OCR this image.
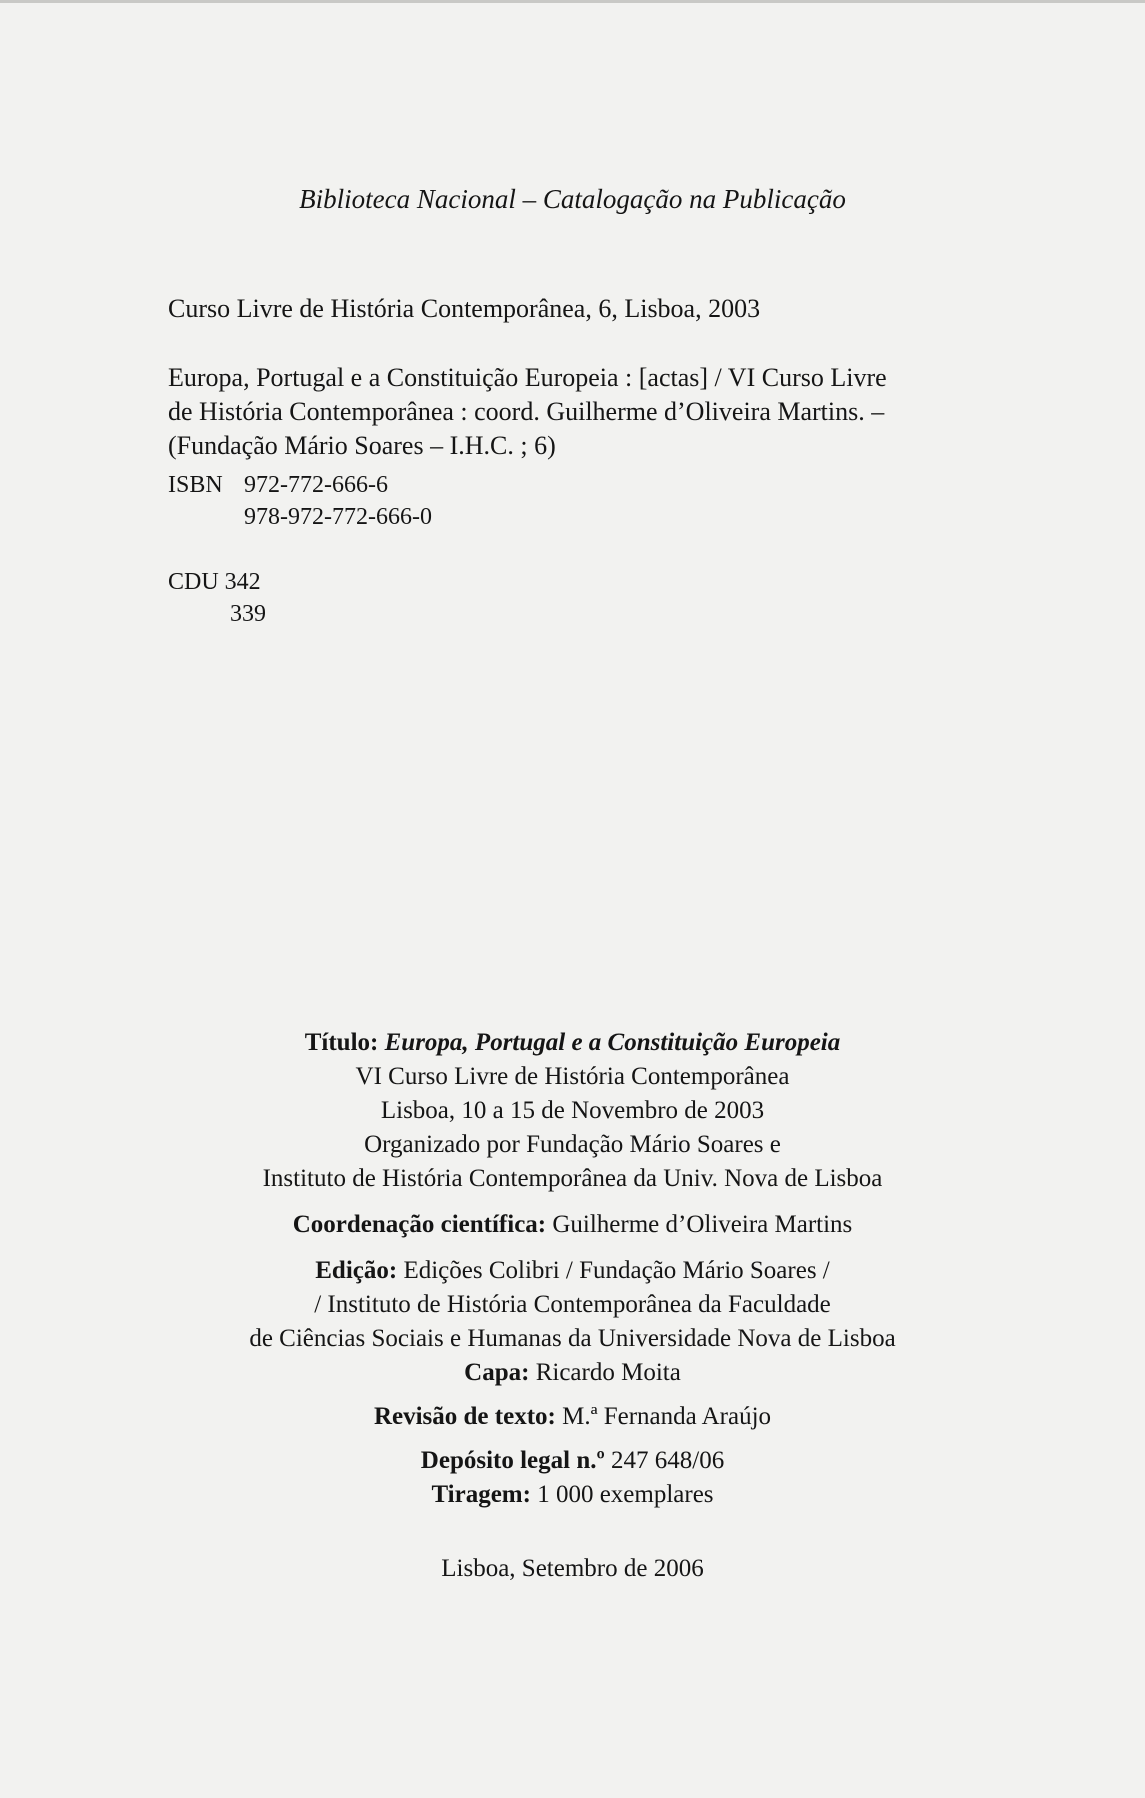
Biblioteca Nacional – Catalogação na Publicação
Curso Livre de História Contemporânea, 6, Lisboa, 2003
Europa, Portugal e a Constituição Europeia : [actas] / VI Curso Livre
de História Contemporânea : coord. Guilherme d’Oliveira Martins. –
(Fundação Mário Soares – I.H.C. ; 6)
ISBN 972-772-666-6
978-972-772-666-0
CDU 342
339
Título: Europa, Portugal e a Constituição Europeia
VI Curso Livre de História Contemporânea
Lisboa, 10 a 15 de Novembro de 2003
Organizado por Fundação Mário Soares e
Instituto de História Contemporânea da Univ. Nova de Lisboa
Coordenação científica: Guilherme d’Oliveira Martins
Edição: Edições Colibri / Fundação Mário Soares /
/ Instituto de História Contemporânea da Faculdade
de Ciências Sociais e Humanas da Universidade Nova de Lisboa
Capa: Ricardo Moita
Revisão de texto: M.ª Fernanda Araújo
Depósito legal n.º 247 648/06
Tiragem: 1 000 exemplares
Lisboa, Setembro de 2006
